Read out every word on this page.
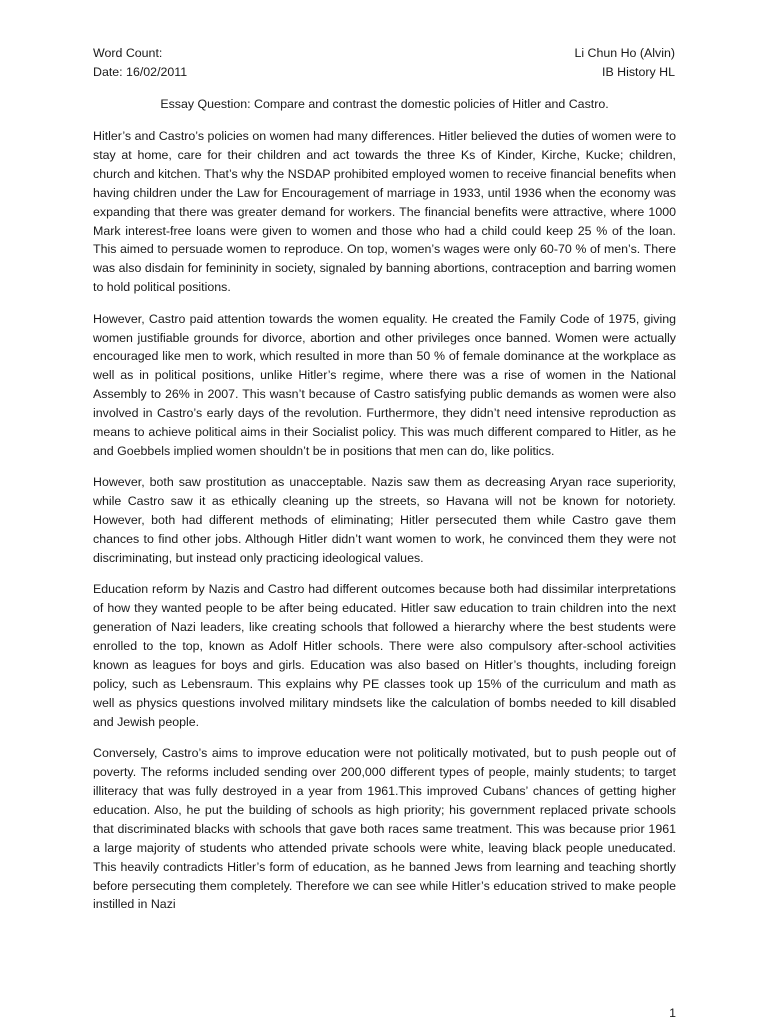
Word Count:
Date: 16/02/2011
Li Chun Ho (Alvin)
IB History HL
Essay Question: Compare and contrast the domestic policies of Hitler and Castro.

Hitler’s and Castro’s policies on women had many differences. Hitler believed the duties of women were to stay at home, care for their children and act towards the three Ks of Kinder, Kirche, Kucke; children, church and kitchen. That’s why the NSDAP prohibited employed women to receive financial benefits when having children under the Law for Encouragement of marriage in 1933, until 1936 when the economy was expanding that there was greater demand for workers. The financial benefits were attractive, where 1000 Mark interest-free loans were given to women and those who had a child could keep 25 % of the loan. This aimed to persuade women to reproduce. On top, women’s wages were only 60-70 % of men’s. There was also disdain for femininity in society, signaled by banning abortions, contraception and barring women to hold political positions.

However, Castro paid attention towards the women equality. He created the Family Code of 1975, giving women justifiable grounds for divorce, abortion and other privileges once banned. Women were actually encouraged like men to work, which resulted in more than 50 % of female dominance at the workplace as well as in political positions, unlike Hitler’s regime, where there was a rise of women in the National Assembly to 26% in 2007. This wasn’t because of Castro satisfying public demands as women were also involved in Castro’s early days of the revolution. Furthermore, they didn’t need intensive reproduction as means to achieve political aims in their Socialist policy. This was much different compared to Hitler, as he and Goebbels implied women shouldn’t be in positions that men can do, like politics.

However, both saw prostitution as unacceptable. Nazis saw them as decreasing Aryan race superiority, while Castro saw it as ethically cleaning up the streets, so Havana will not be known for notoriety. However, both had different methods of eliminating; Hitler persecuted them while Castro gave them chances to find other jobs. Although Hitler didn’t want women to work, he convinced them they were not discriminating, but instead only practicing ideological values.

Education reform by Nazis and Castro had different outcomes because both had dissimilar interpretations of how they wanted people to be after being educated. Hitler saw education to train children into the next generation of Nazi leaders, like creating schools that followed a hierarchy where the best students were enrolled to the top, known as Adolf Hitler schools. There were also compulsory after-school activities known as leagues for boys and girls. Education was also based on Hitler’s thoughts, including foreign policy, such as Lebensraum. This explains why PE classes took up 15% of the curriculum and math as well as physics questions involved military mindsets like the calculation of bombs needed to kill disabled and Jewish people.

Conversely, Castro’s aims to improve education were not politically motivated, but to push people out of poverty. The reforms included sending over 200,000 different types of people, mainly students; to target illiteracy that was fully destroyed in a year from 1961.This improved Cubans’ chances of getting higher education. Also, he put the building of schools as high priority; his government replaced private schools that discriminated blacks with schools that gave both races same treatment. This was because prior 1961 a large majority of students who attended private schools were white, leaving black people uneducated. This heavily contradicts Hitler’s form of education, as he banned Jews from learning and teaching shortly before persecuting them completely. Therefore we can see while Hitler’s education strived to make people instilled in Nazi

1
